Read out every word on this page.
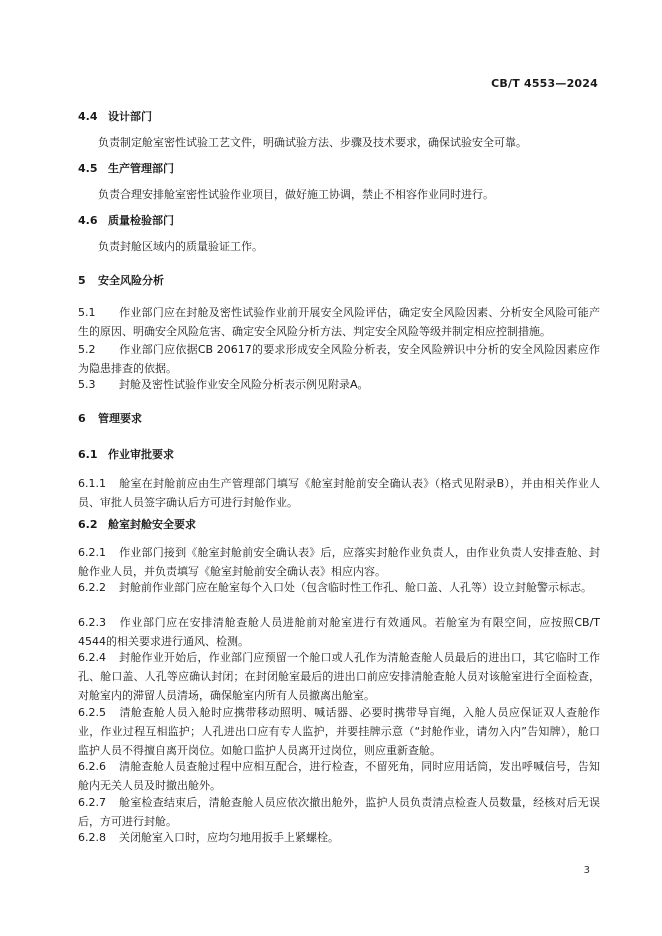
CB/T 4553—2024
4.4 设计部门
负责制定舱室密性试验工艺文件，明确试验方法、步骤及技术要求，确保试验安全可靠。
4.5 生产管理部门
负责合理安排舱室密性试验作业项目，做好施工协调，禁止不相容作业同时进行。
4.6 质量检验部门
负责封舱区域内的质量验证工作。
5 安全风险分析
5.1 作业部门应在封舱及密性试验作业前开展安全风险评估，确定安全风险因素、分析安全风险可能产生的原因、明确安全风险危害、确定安全风险分析方法、判定安全风险等级并制定相应控制措施。
5.2 作业部门应依据CB 20617的要求形成安全风险分析表，安全风险辨识中分析的安全风险因素应作为隐患排查的依据。
5.3 封舱及密性试验作业安全风险分析表示例见附录A。
6 管理要求
6.1 作业审批要求
6.1.1 舱室在封舱前应由生产管理部门填写《舱室封舱前安全确认表》（格式见附录B），并由相关作业人员、审批人员签字确认后方可进行封舱作业。
6.2 舱室封舱安全要求
6.2.1 作业部门接到《舱室封舱前安全确认表》后，应落实封舱作业负责人，由作业负责人安排查舱、封舱作业人员，并负责填写《舱室封舱前安全确认表》相应内容。
6.2.2 封舱前作业部门应在舱室每个入口处（包含临时性工作孔、舱口盖、人孔等）设立封舱警示标志。
6.2.3 作业部门应在安排清舱查舱人员进舱前对舱室进行有效通风。若舱室为有限空间，应按照CB/T 4544的相关要求进行通风、检测。
6.2.4 封舱作业开始后，作业部门应预留一个舱口或人孔作为清舱查舱人员最后的进出口，其它临时工作孔、舱口盖、人孔等应确认封闭；在封闭舱室最后的进出口前应安排清舱查舱人员对该舱室进行全面检查，对舱室内的滞留人员清场，确保舱室内所有人员撤离出舱室。
6.2.5 清舱查舱人员入舱时应携带移动照明、喊话器、必要时携带导盲绳，入舱人员应保证双人查舱作业，作业过程互相监护；人孔进出口应有专人监护，并要挂牌示意（“封舱作业，请勿入内”告知牌），舱口监护人员不得擅自离开岗位。如舱口监护人员离开过岗位，则应重新查舱。
6.2.6 清舱查舱人员查舱过程中应相互配合，进行检查，不留死角，同时应用话筒，发出呼喊信号，告知舱内无关人员及时撤出舱外。
6.2.7 舱室检查结束后，清舱查舱人员应依次撤出舱外，监护人员负责清点检查人员数量，经核对后无误后，方可进行封舱。
6.2.8 关闭舱室入口时，应均匀地用扳手上紧螺栓。
3
